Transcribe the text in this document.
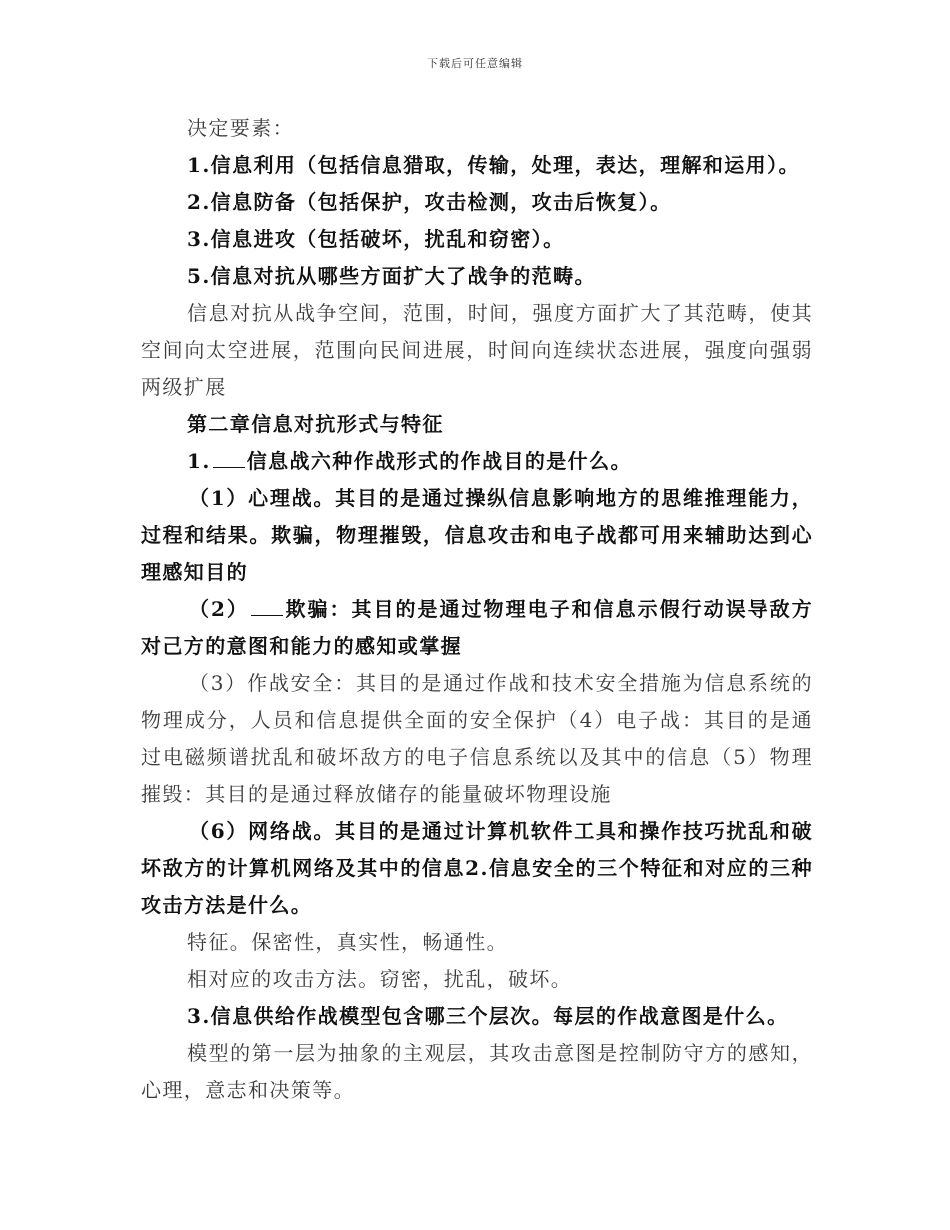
下载后可任意编辑

决定要素：

1.信息利用（包括信息猎取，传输，处理，表达，理解和运用）。

2.信息防备（包括保护，攻击检测，攻击后恢复）。

3.信息进攻（包括破坏，扰乱和窃密）。

5.信息对抗从哪些方面扩大了战争的范畴。

信息对抗从战争空间，范围，时间，强度方面扩大了其范畴，使其空间向太空进展，范围向民间进展，时间向连续状态进展，强度向强弱两级扩展

第二章信息对抗形式与特征

1. 信息战六种作战形式的作战目的是什么。

（1）心理战。其目的是通过操纵信息影响地方的思维推理能力，过程和结果。欺骗，物理摧毁，信息攻击和电子战都可用来辅助达到心理感知目的

（2） 欺骗：其目的是通过物理电子和信息示假行动误导敌方对己方的意图和能力的感知或掌握

（3）作战安全：其目的是通过作战和技术安全措施为信息系统的物理成分，人员和信息提供全面的安全保护（4）电子战：其目的是通过电磁频谱扰乱和破坏敌方的电子信息系统以及其中的信息（5）物理摧毁：其目的是通过释放储存的能量破坏物理设施

（6）网络战。其目的是通过计算机软件工具和操作技巧扰乱和破坏敌方的计算机网络及其中的信息2.信息安全的三个特征和对应的三种攻击方法是什么。

特征。保密性，真实性，畅通性。

相对应的攻击方法。窃密，扰乱，破坏。

3.信息供给作战模型包含哪三个层次。每层的作战意图是什么。

模型的第一层为抽象的主观层，其攻击意图是控制防守方的感知，心理，意志和决策等。
